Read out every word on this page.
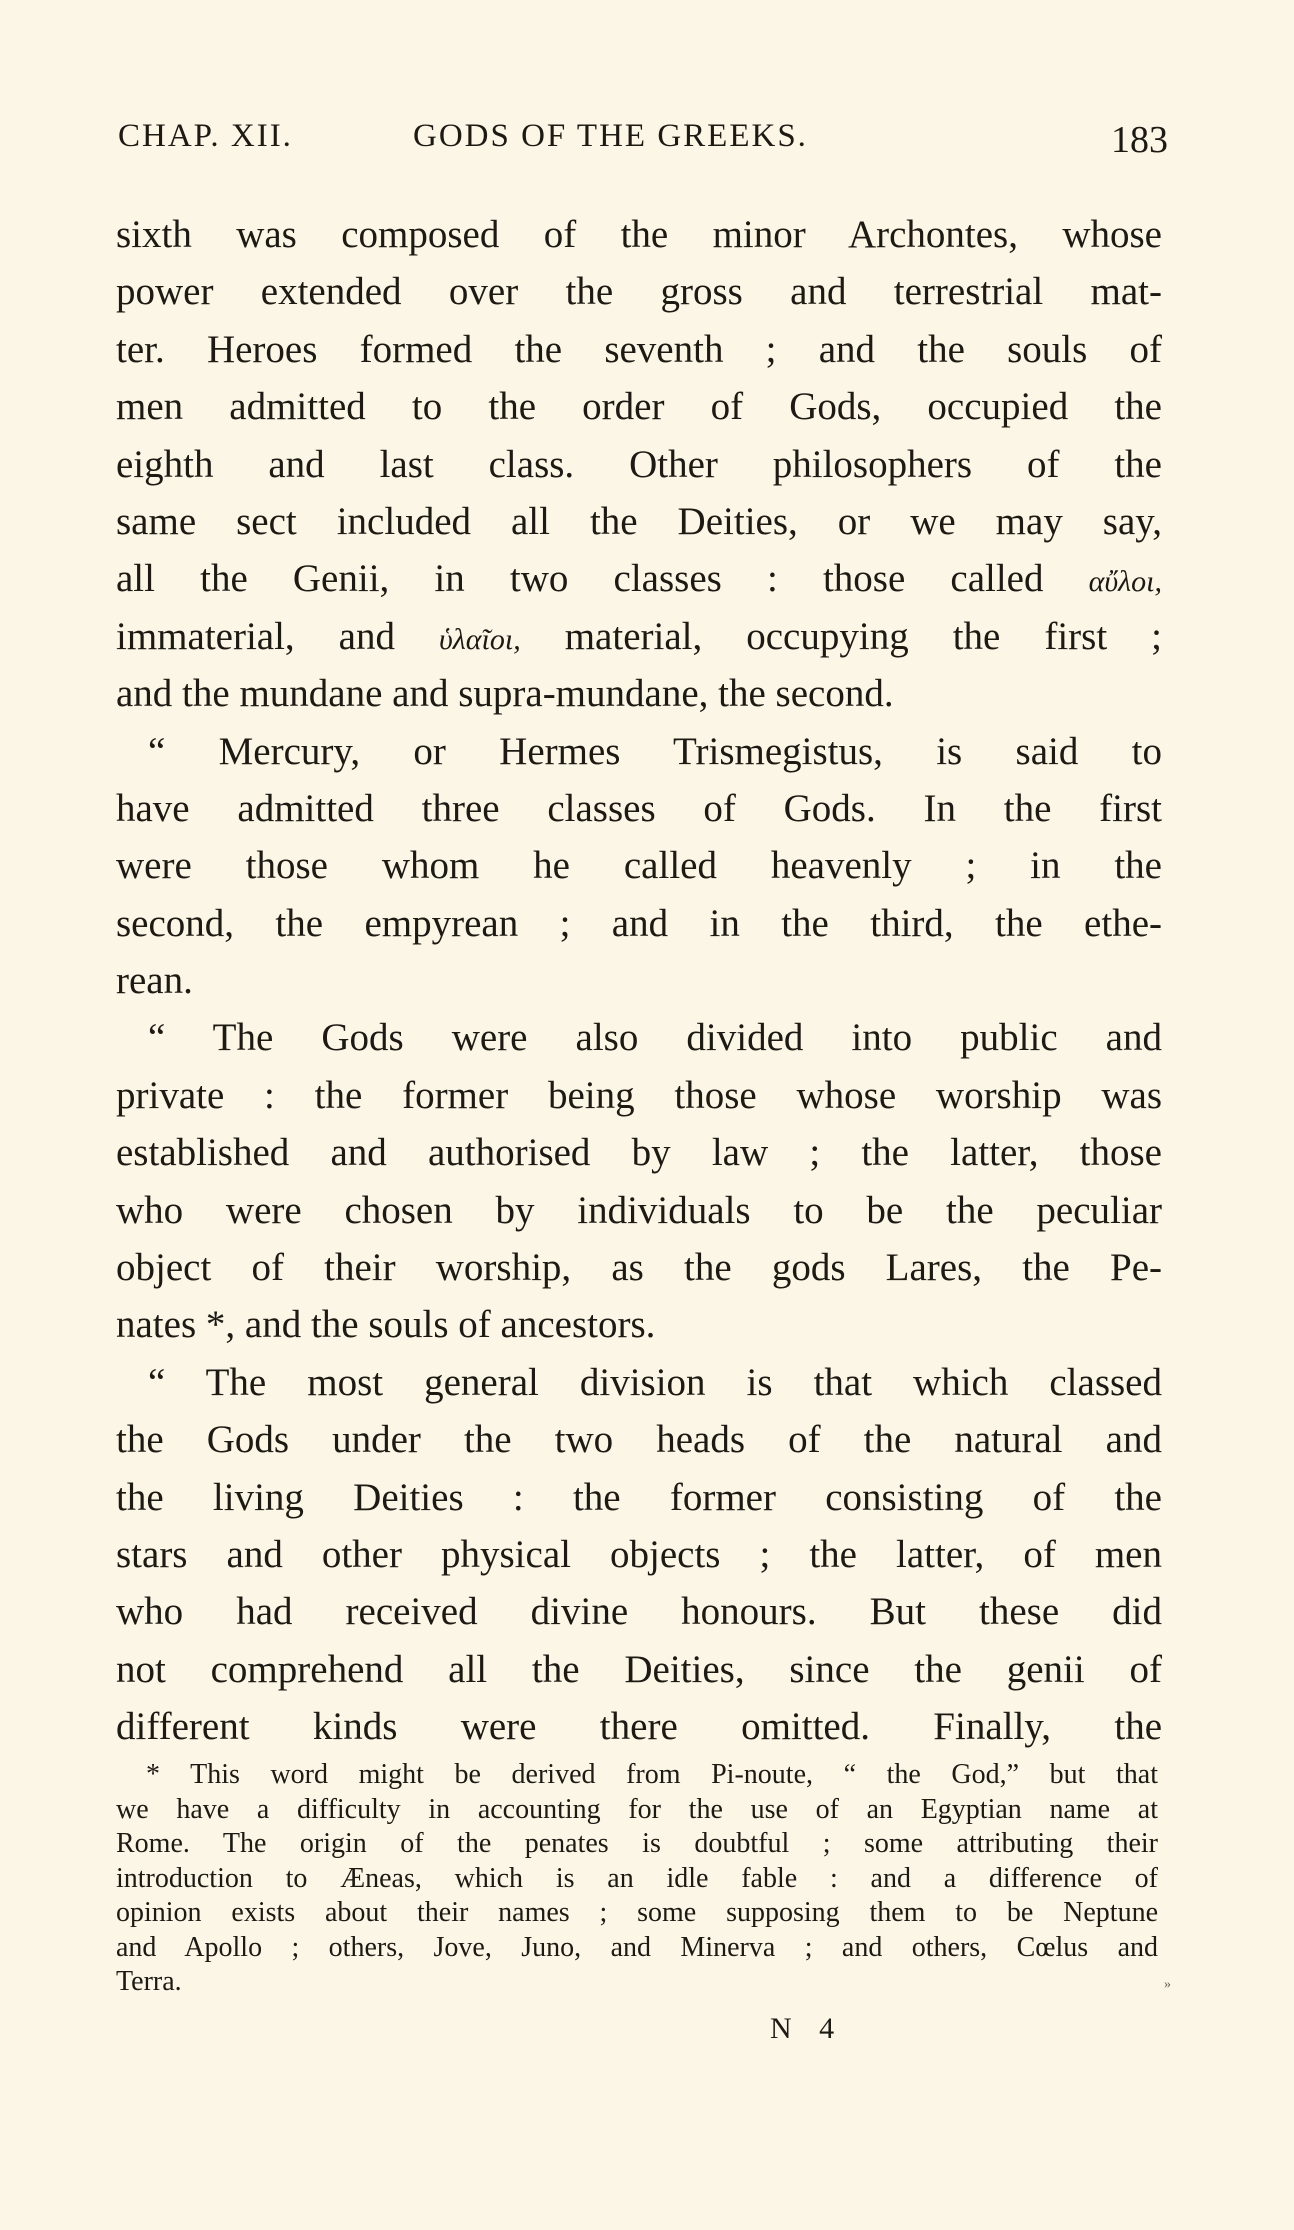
CHAP. XII.	GODS OF THE GREEKS.	183
sixth was composed of the minor Archontes, whose
power extended over the gross and terrestrial mat-
ter. Heroes formed the seventh ; and the souls of
men admitted to the order of Gods, occupied the
eighth and last class. Other philosophers of the
same sect included all the Deities, or we may say,
all the Genii, in two classes : those called αὔλοι,
immaterial, and ὑλαῖοι, material, occupying the first ;
and the mundane and supra-mundane, the second.
“ Mercury, or Hermes Trismegistus, is said to
have admitted three classes of Gods. In the first
were those whom he called heavenly ; in the
second, the empyrean ; and in the third, the ethe-
rean.
“ The Gods were also divided into public and
private : the former being those whose worship was
established and authorised by law ; the latter, those
who were chosen by individuals to be the peculiar
object of their worship, as the gods Lares, the Pe-
nates *, and the souls of ancestors.
“ The most general division is that which classed
the Gods under the two heads of the natural and
the living Deities : the former consisting of the
stars and other physical objects ; the latter, of men
who had received divine honours. But these did
not comprehend all the Deities, since the genii of
different kinds were there omitted. Finally, the
* This word might be derived from Pi-noute, “ the God,” but that
we have a difficulty in accounting for the use of an Egyptian name at
Rome. The origin of the penates is doubtful ; some attributing their
introduction to Æneas, which is an idle fable : and a difference of
opinion exists about their names ; some supposing them to be Neptune
and Apollo ; others, Jove, Juno, and Minerva ; and others, Cœlus and
Terra.	»
N 4
